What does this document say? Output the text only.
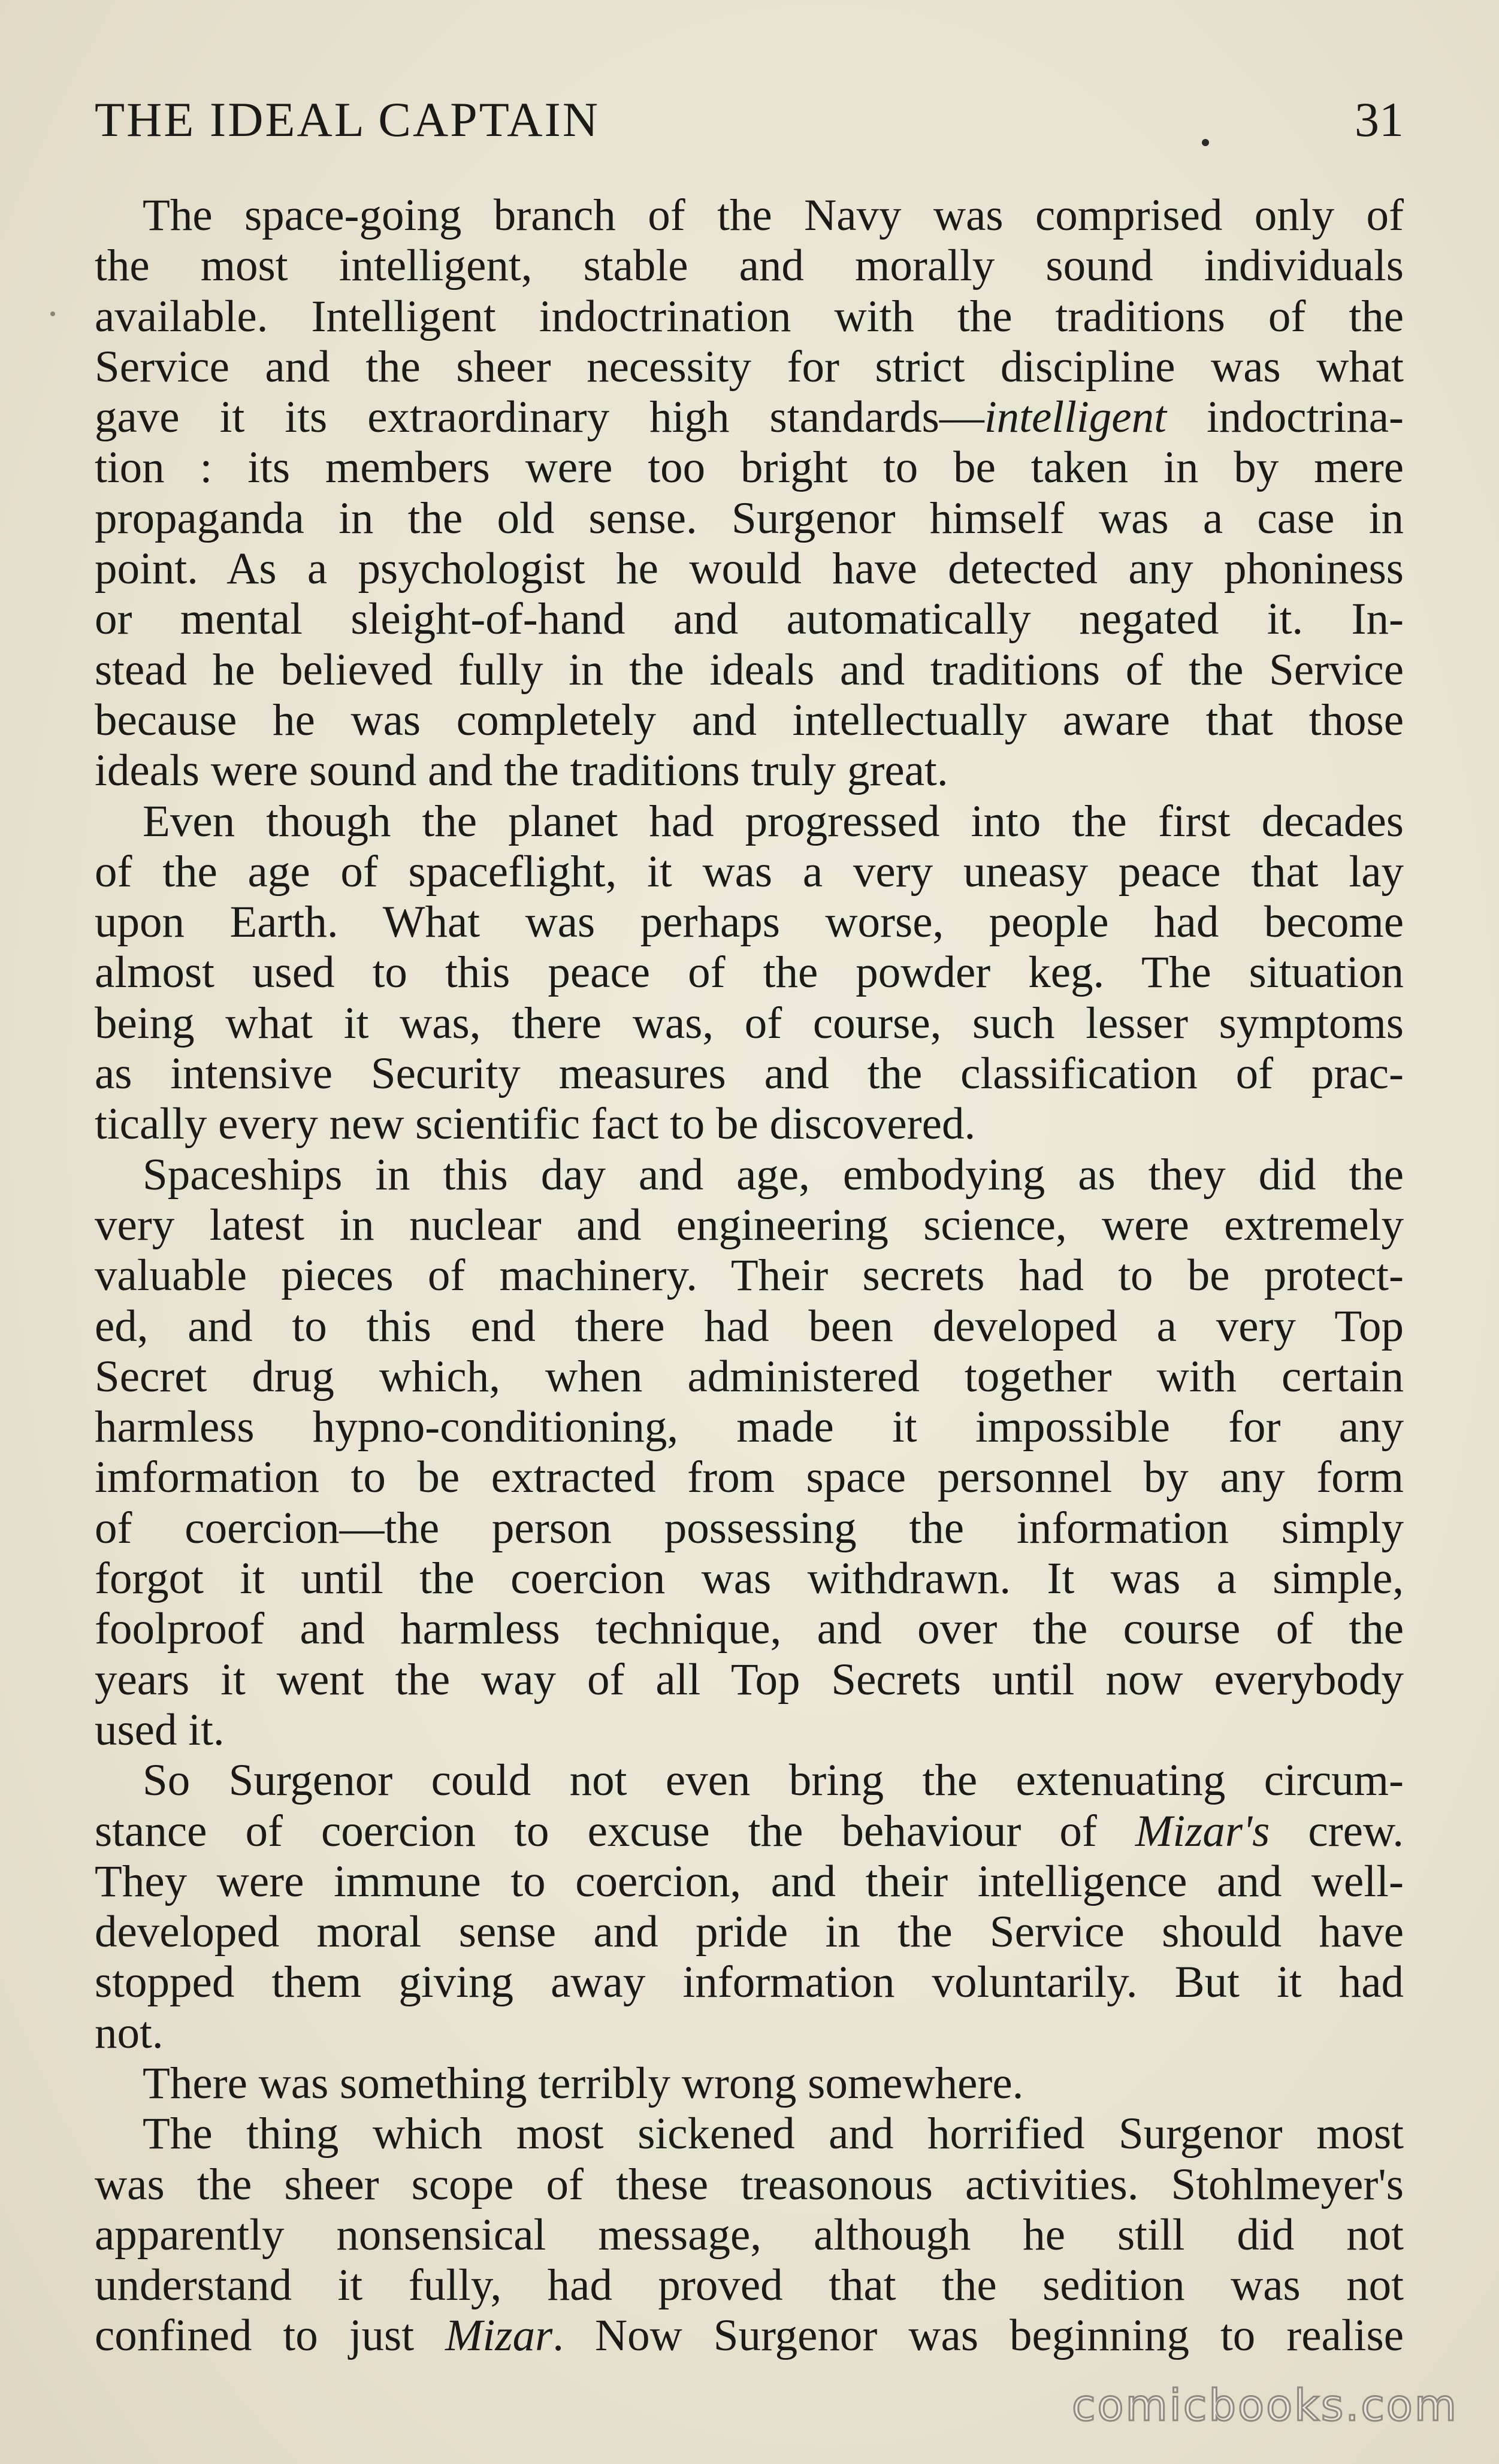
THE IDEAL CAPTAIN	31
The space-going branch of the Navy was comprised only of
the most intelligent, stable and morally sound individuals
available. Intelligent indoctrination with the traditions of the
Service and the sheer necessity for strict discipline was what
gave it its extraordinary high standards—intelligent indoctrina-
tion : its members were too bright to be taken in by mere
propaganda in the old sense. Surgenor himself was a case in
point. As a psychologist he would have detected any phoniness
or mental sleight-of-hand and automatically negated it. In-
stead he believed fully in the ideals and traditions of the Service
because he was completely and intellectually aware that those
ideals were sound and the traditions truly great.
Even though the planet had progressed into the first decades
of the age of spaceflight, it was a very uneasy peace that lay
upon Earth. What was perhaps worse, people had become
almost used to this peace of the powder keg. The situation
being what it was, there was, of course, such lesser symptoms
as intensive Security measures and the classification of prac-
tically every new scientific fact to be discovered.
Spaceships in this day and age, embodying as they did the
very latest in nuclear and engineering science, were extremely
valuable pieces of machinery. Their secrets had to be protect-
ed, and to this end there had been developed a very Top
Secret drug which, when administered together with certain
harmless hypno-conditioning, made it impossible for any
imformation to be extracted from space personnel by any form
of coercion—the person possessing the information simply
forgot it until the coercion was withdrawn. It was a simple,
foolproof and harmless technique, and over the course of the
years it went the way of all Top Secrets until now everybody
used it.
So Surgenor could not even bring the extenuating circum-
stance of coercion to excuse the behaviour of Mizar's crew.
They were immune to coercion, and their intelligence and well-
developed moral sense and pride in the Service should have
stopped them giving away information voluntarily. But it had
not.
There was something terribly wrong somewhere.
The thing which most sickened and horrified Surgenor most
was the sheer scope of these treasonous activities. Stohlmeyer's
apparently nonsensical message, although he still did not
understand it fully, had proved that the sedition was not
confined to just Mizar. Now Surgenor was beginning to realise
comicbooks.com
